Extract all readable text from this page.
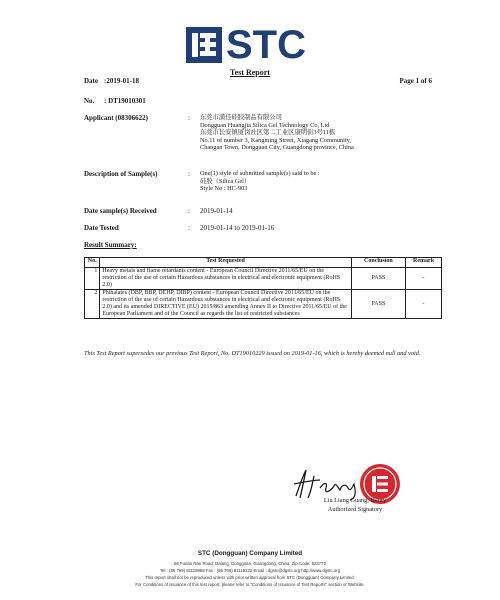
STC
Test Report
Date :2019-01-18	Page 1 of 6
No. : DT19010301
Applicant (08306622)	: 东莞市潢佳硅胶制品有限公司
Dongguan Huangjia Silica Gel Technology Co, Ltd
东莞市长安镇厦岗社区第二工业区康明街3号11栋
No.11 of number 3, Kangming Street, Xiagang Community,
Changan Town, Dongguan City, Guangdong province, China
Description of Sample(s)	: One(1) style of submitted sample(s) said to be :
硅胶（Silica Gel）
Style No : HC-903
Date sample(s) Received	: 2019-01-14
Date Tested	: 2019-01-14 to 2019-01-16
Result Summary:
No.	Test Requested	Conclusion	Remark
1	Heavy metals and flame retardants content - European Council Directive 2011/65/EU on the restriction of the use of certain Hazardous substances in electrical and electronic equipment (RoHS 2.0)	PASS	-
2	Phthalates (DBP, BBP, DEHP, DIBP) content - European Council Directive 2011/65/EU on the restriction of the use of certain Hazardous substances in electrical and electronic equipment (RoHS 2.0) and its amended DIRECTIVE (EU) 2015/863 amending Annex II to Directive 2011/65/EU of the European Parliament and of the Council as regards the list of restricted substances	PASS	-
This Test Report supersedes our previous Test Report, No. DT19010229 issued on 2019-01-16, which is hereby deemed null and void.
Liu Liang Guang, Henry
Authorized Signatory
STC (Dongguan) Company Limited
68 Funan Nan Road, Dalang, Dongguan, Guangdong, China. Zip Code: 523770
Tel : (86 769) 81119888 Fax : (86 769) 81116222 Email : dgstc@dgstc.org http://www.dgstc.org
This report shall not be reproduced unless with prior written approval from STC (Dongguan) Company Limited.
For Conditions of issuance of this test report, please refer to "Conditions of Issuance of Test Reports" section or Website.
